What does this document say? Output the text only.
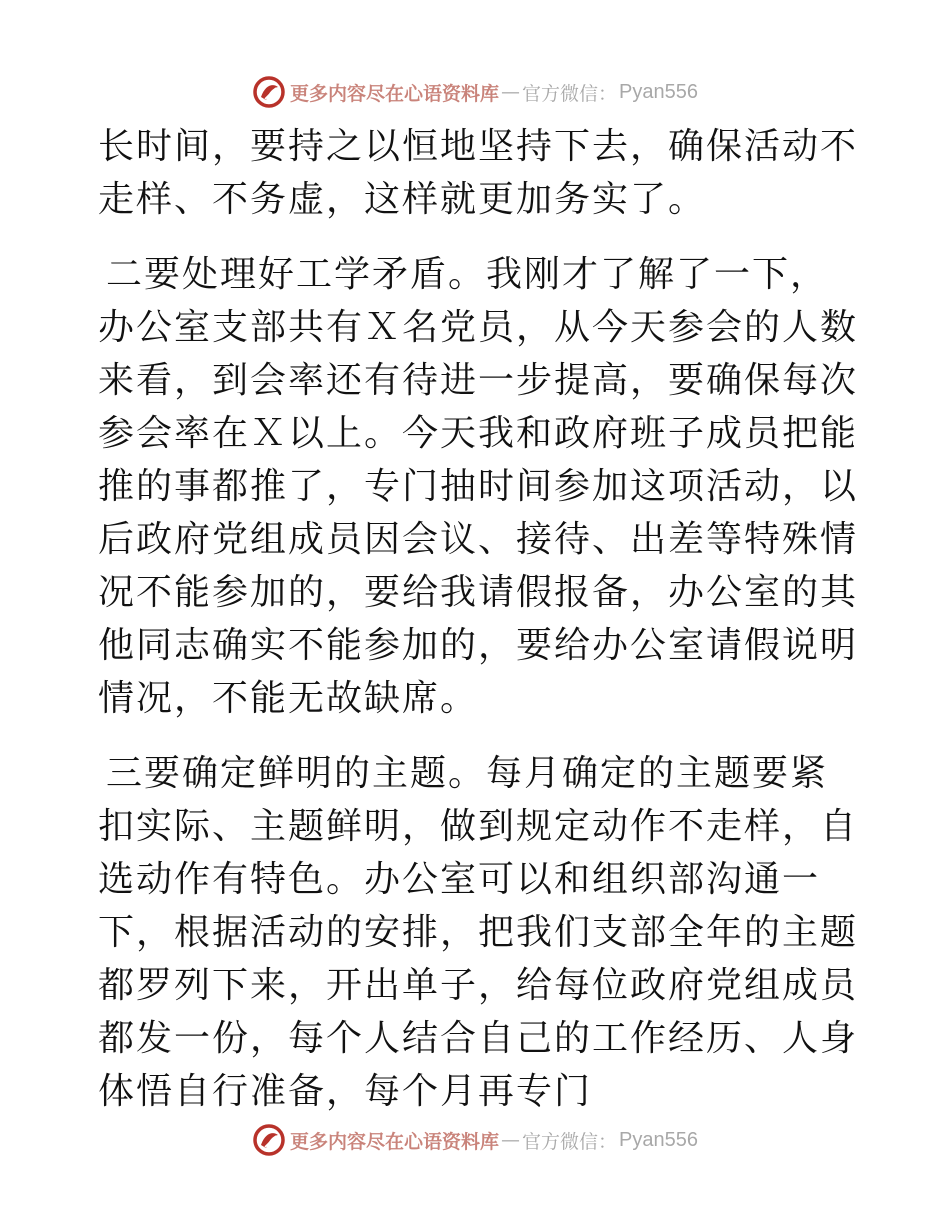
更多内容尽在心语资料库 — 官方微信： Pyan556

长时间，要持之以恒地坚持下去，确保活动不走样、不务虚，这样就更加务实了。

二要处理好工学矛盾。我刚才了解了一下，办公室支部共有Ｘ名党员，从今天参会的人数来看，到会率还有待进一步提高，要确保每次参会率在Ｘ以上。今天我和政府班子成员把能推的事都推了，专门抽时间参加这项活动，以后政府党组成员因会议、接待、出差等特殊情况不能参加的，要给我请假报备，办公室的其他同志确实不能参加的，要给办公室请假说明情况，不能无故缺席。

三要确定鲜明的主题。每月确定的主题要紧扣实际、主题鲜明，做到规定动作不走样，自选动作有特色。办公室可以和组织部沟通一下，根据活动的安排，把我们支部全年的主题都罗列下来，开出单子，给每位政府党组成员都发一份，每个人结合自己的工作经历、人身体悟自行准备，每个月再专门

更多内容尽在心语资料库 — 官方微信： Pyan556
